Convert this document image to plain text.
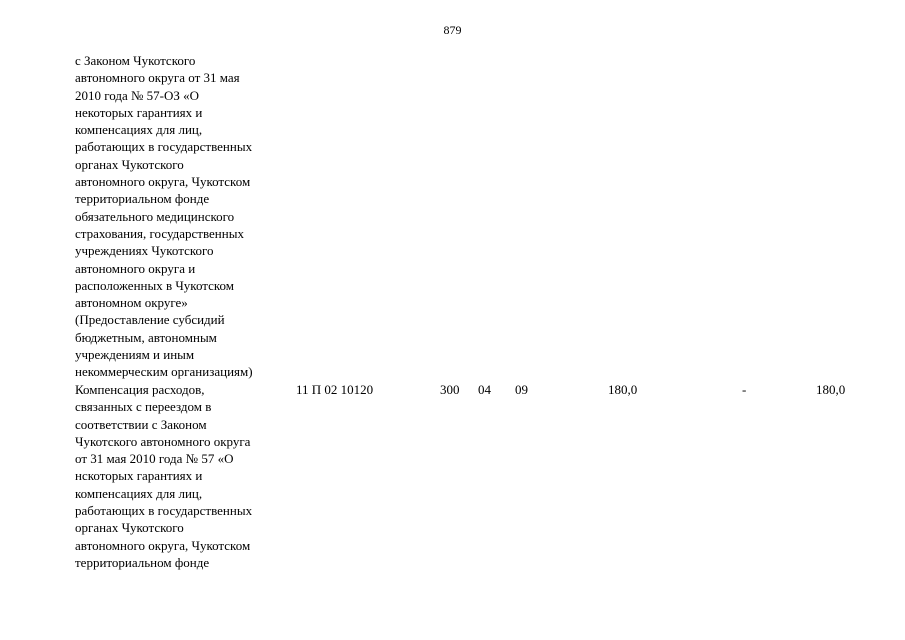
879
с Законом Чукотского
автономного округа от 31 мая
2010 года № 57-ОЗ «О
некоторых гарантиях и
компенсациях для лиц,
работающих в государственных
органах Чукотского
автономного округа, Чукотском
территориальном фонде
обязательного медицинского
страхования, государственных
учреждениях Чукотского
автономного округа и
расположенных в Чукотском
автономном округе»
(Предоставление субсидий
бюджетным, автономным
учреждениям и иным
некоммерческим организациям)
Компенсация расходов,
связанных с переездом в
соответствии с Законом
Чукотского автономного округа
от 31 мая 2010 года № 57 «О
нскоторых гарантиях и
компенсациях для лиц,
работающих в государственных
органах Чукотского
автономного округа, Чукотском
территориальном фонде
11 П 02 10120	300 04 09	180,0	-	180,0
